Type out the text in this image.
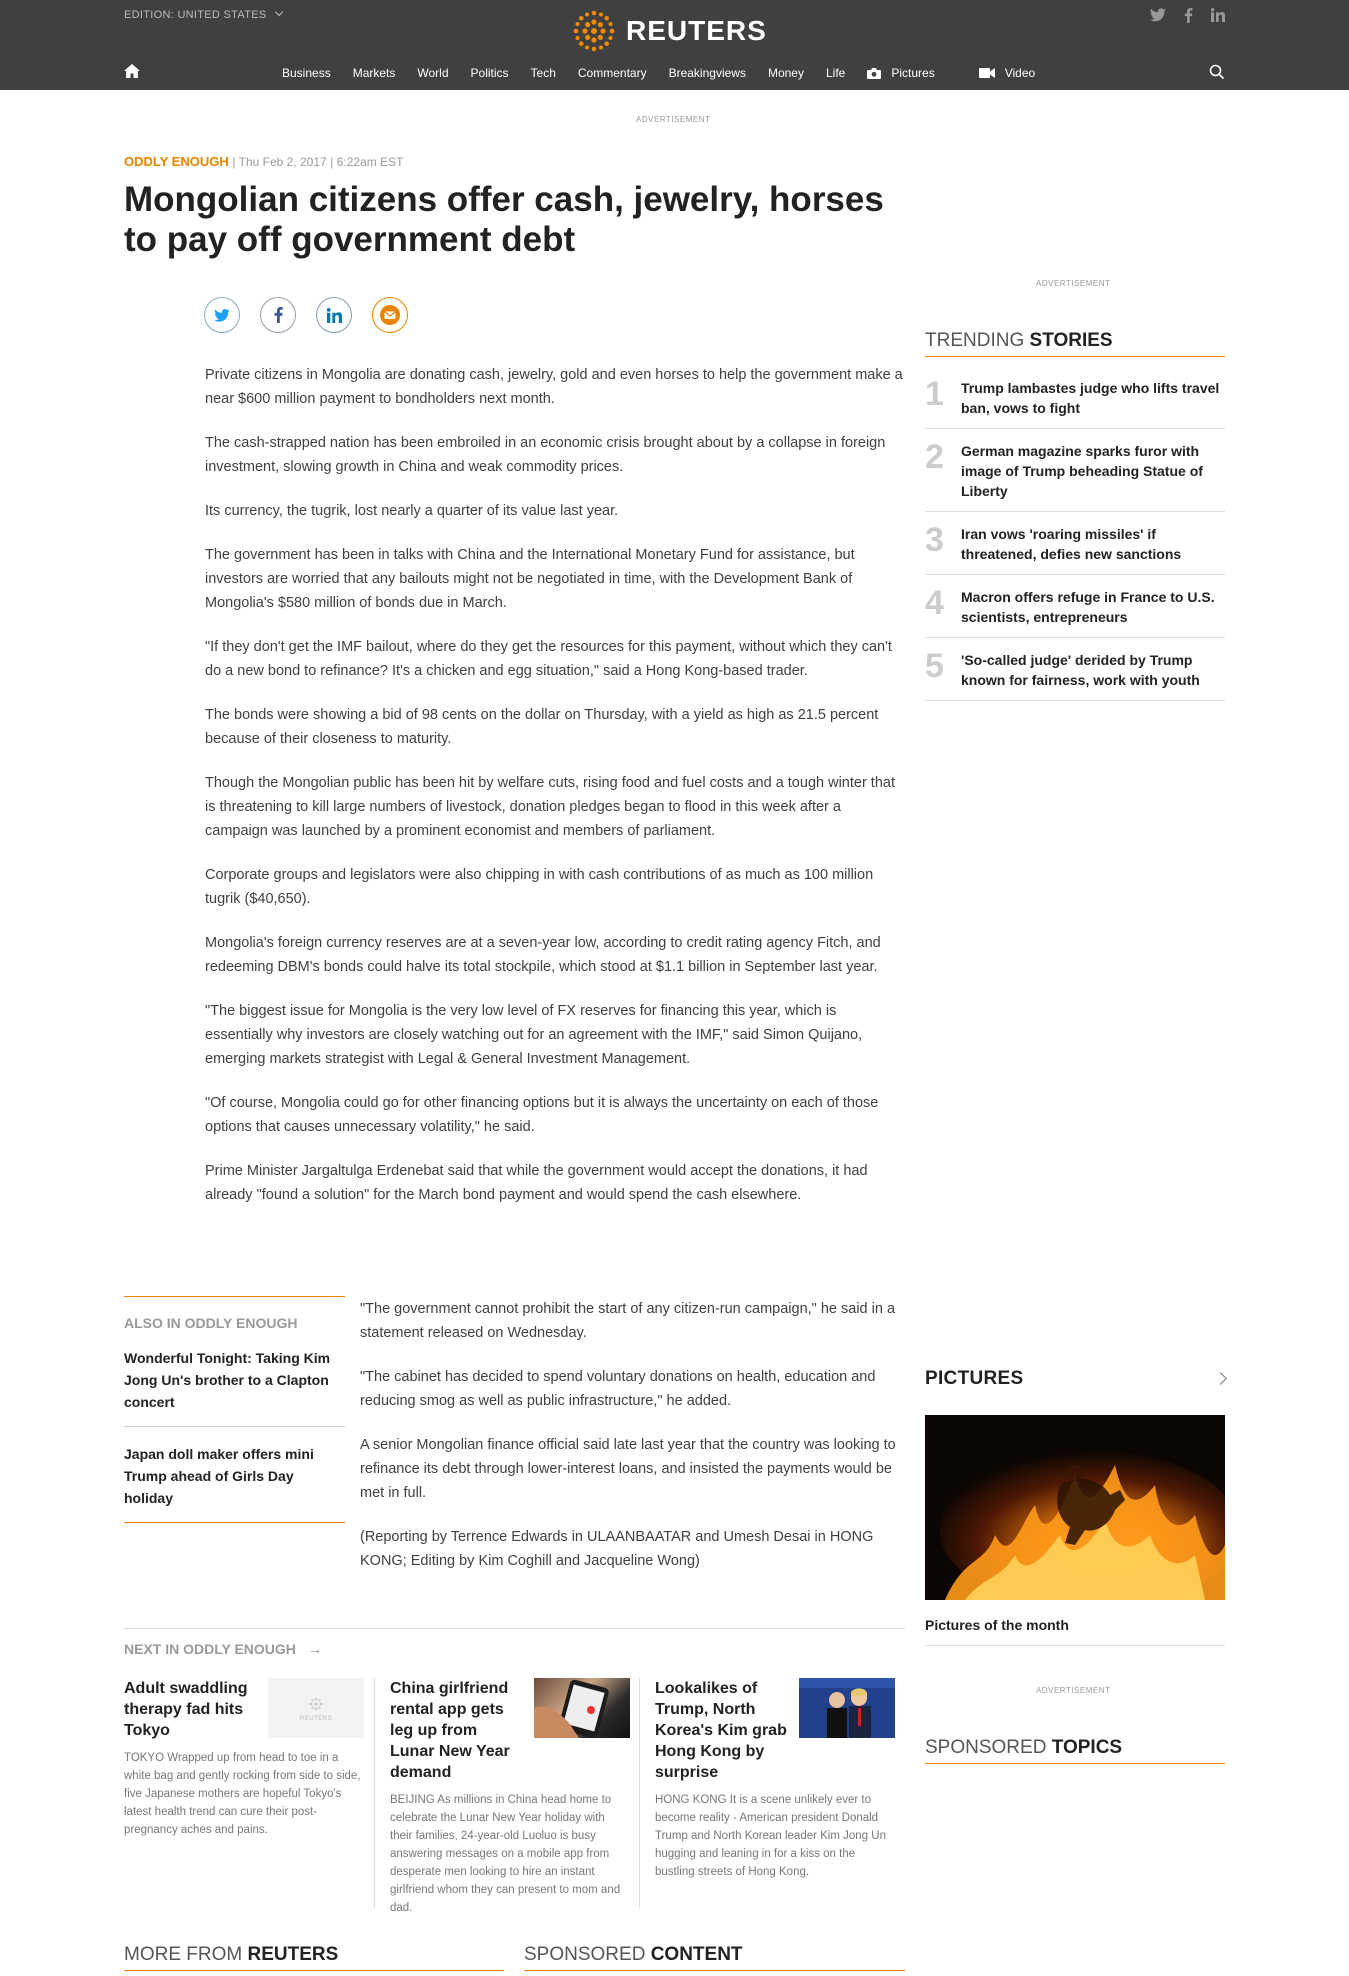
EDITION: UNITED STATES	REUTERS
Business Markets World Politics Tech Commentary Breakingviews Money Life	Pictures	Video
ADVERTISEMENT
ODDLY ENOUGH | Thu Feb 2, 2017 | 6:22am EST
Mongolian citizens offer cash, jewelry, horses to pay off government debt

Private citizens in Mongolia are donating cash, jewelry, gold and even horses to help the government make a near $600 million payment to bondholders next month.

The cash-strapped nation has been embroiled in an economic crisis brought about by a collapse in foreign investment, slowing growth in China and weak commodity prices.

Its currency, the tugrik, lost nearly a quarter of its value last year.

The government has been in talks with China and the International Monetary Fund for assistance, but investors are worried that any bailouts might not be negotiated in time, with the Development Bank of Mongolia's $580 million of bonds due in March.

"If they don't get the IMF bailout, where do they get the resources for this payment, without which they can't do a new bond to refinance? It's a chicken and egg situation," said a Hong Kong-based trader.

The bonds were showing a bid of 98 cents on the dollar on Thursday, with a yield as high as 21.5 percent because of their closeness to maturity.

Though the Mongolian public has been hit by welfare cuts, rising food and fuel costs and a tough winter that is threatening to kill large numbers of livestock, donation pledges began to flood in this week after a campaign was launched by a prominent economist and members of parliament.

Corporate groups and legislators were also chipping in with cash contributions of as much as 100 million tugrik ($40,650).

Mongolia's foreign currency reserves are at a seven-year low, according to credit rating agency Fitch, and redeeming DBM's bonds could halve its total stockpile, which stood at $1.1 billion in September last year.

"The biggest issue for Mongolia is the very low level of FX reserves for financing this year, which is essentially why investors are closely watching out for an agreement with the IMF," said Simon Quijano, emerging markets strategist with Legal & General Investment Management.

"Of course, Mongolia could go for other financing options but it is always the uncertainty on each of those options that causes unnecessary volatility," he said.

Prime Minister Jargaltulga Erdenebat said that while the government would accept the donations, it had already "found a solution" for the March bond payment and would spend the cash elsewhere.

ALSO IN ODDLY ENOUGH
Wonderful Tonight: Taking Kim Jong Un's brother to a Clapton concert
Japan doll maker offers mini Trump ahead of Girls Day holiday

"The government cannot prohibit the start of any citizen-run campaign," he said in a statement released on Wednesday.

"The cabinet has decided to spend voluntary donations on health, education and reducing smog as well as public infrastructure," he added.

A senior Mongolian finance official said late last year that the country was looking to refinance its debt through lower-interest loans, and insisted the payments would be met in full.

(Reporting by Terrence Edwards in ULAANBAATAR and Umesh Desai in HONG KONG; Editing by Kim Coghill and Jacqueline Wong)

ADVERTISEMENT
TRENDING STORIES
1	Trump lambastes judge who lifts travel ban, vows to fight
2	German magazine sparks furor with image of Trump beheading Statue of Liberty
3	Iran vows 'roaring missiles' if threatened, defies new sanctions
4	Macron offers refuge in France to U.S. scientists, entrepreneurs
5	'So-called judge' derided by Trump known for fairness, work with youth
PICTURES
Pictures of the month
ADVERTISEMENT
SPONSORED TOPICS
NEXT IN ODDLY ENOUGH →
Adult swaddling therapy fad hits Tokyo
REUTERS

TOKYO Wrapped up from head to toe in a white bag and gently rocking from side to side, five Japanese mothers are hopeful Tokyo's latest health trend can cure their post-pregnancy aches and pains.

China girlfriend rental app gets leg up from Lunar New Year demand

BEIJING As millions in China head home to celebrate the Lunar New Year holiday with their families, 24-year-old Luoluo is busy answering messages on a mobile app from desperate men looking to hire an instant girlfriend whom they can present to mom and dad.

Lookalikes of Trump, North Korea's Kim grab Hong Kong by surprise

HONG KONG It is a scene unlikely ever to become reality - American president Donald Trump and North Korean leader Kim Jong Un hugging and leaning in for a kiss on the bustling streets of Hong Kong.

MORE FROM REUTERS	SPONSORED CONTENT
